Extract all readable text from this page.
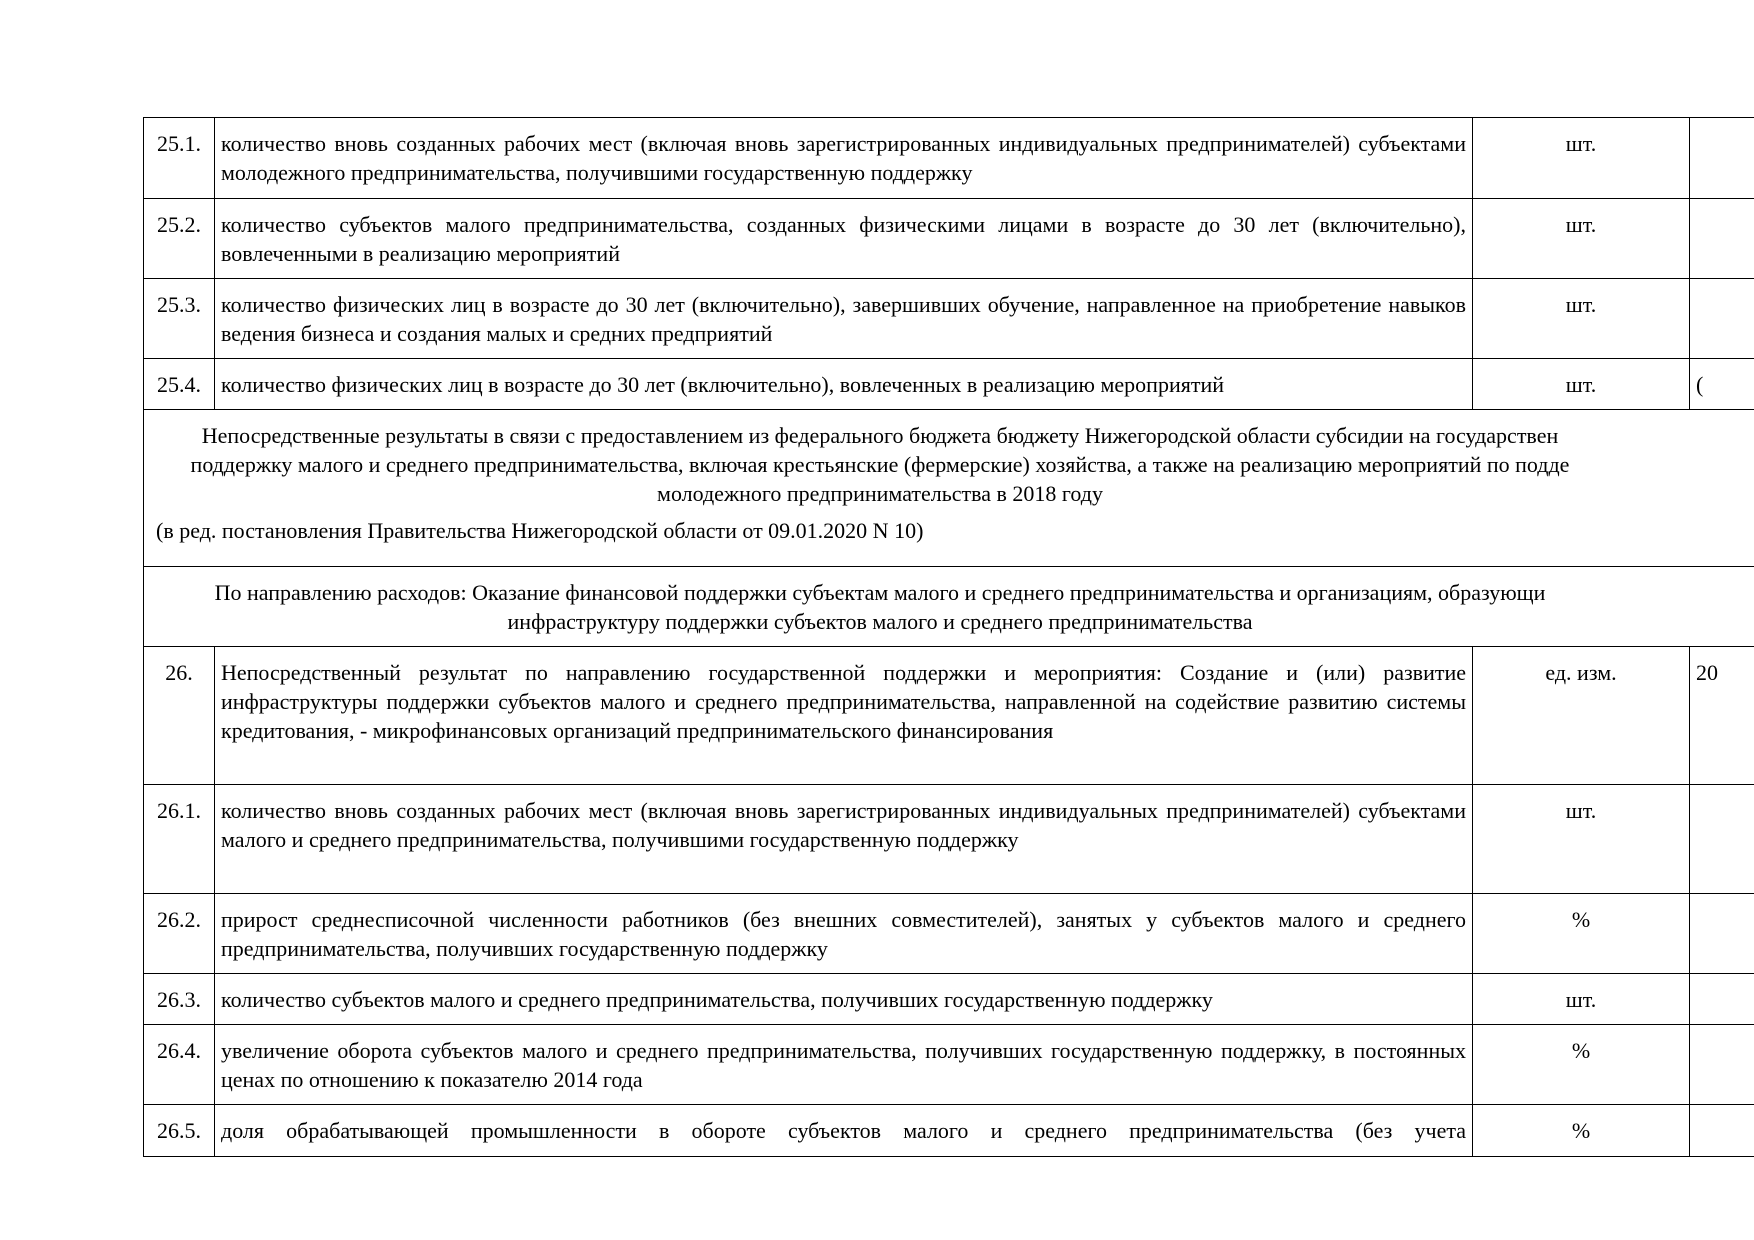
25.1.	количество вновь созданных рабочих мест (включая вновь зарегистрированных индивидуальных предпринимателей) субъектами молодежного предпринимательства, получившими государственную поддержку	шт.	
25.2.	количество субъектов малого предпринимательства, созданных физическими лицами в возрасте до 30 лет (включительно), вовлеченными в реализацию мероприятий	шт.	
25.3.	количество физических лиц в возрасте до 30 лет (включительно), завершивших обучение, направленное на приобретение навыков ведения бизнеса и создания малых и средних предприятий	шт.	
25.4.	количество физических лиц в возрасте до 30 лет (включительно), вовлеченных в реализацию мероприятий	шт.	(

Непосредственные результаты в связи с предоставлением из федерального бюджета бюджету Нижегородской области субсидии на государствен поддержку малого и среднего предпринимательства, включая крестьянские (фермерские) хозяйства, а также на реализацию мероприятий по подде молодежного предпринимательства в 2018 году
(в ред. постановления Правительства Нижегородской области от 09.01.2020 N 10)			

По направлению расходов: Оказание финансовой поддержки субъектам малого и среднего предпринимательства и организациям, образующи инфраструктуру поддержки субъектов малого и среднего предпринимательства			

26.	Непосредственный результат по направлению государственной поддержки и мероприятия: Создание и (или) развитие инфраструктуры поддержки субъектов малого и среднего предпринимательства, направленной на содействие развитию системы кредитования, - микрофинансовых организаций предпринимательского финансирования	ед. изм.	20
26.1.	количество вновь созданных рабочих мест (включая вновь зарегистрированных индивидуальных предпринимателей) субъектами малого и среднего предпринимательства, получившими государственную поддержку	шт.	
26.2.	прирост среднесписочной численности работников (без внешних совместителей), занятых у субъектов малого и среднего предпринимательства, получивших государственную поддержку	%	
26.3.	количество субъектов малого и среднего предпринимательства, получивших государственную поддержку	шт.	
26.4.	увеличение оборота субъектов малого и среднего предпринимательства, получивших государственную поддержку, в постоянных ценах по отношению к показателю 2014 года	%	
26.5.	доля обрабатывающей промышленности в обороте субъектов малого и среднего предпринимательства (без учета	%	
